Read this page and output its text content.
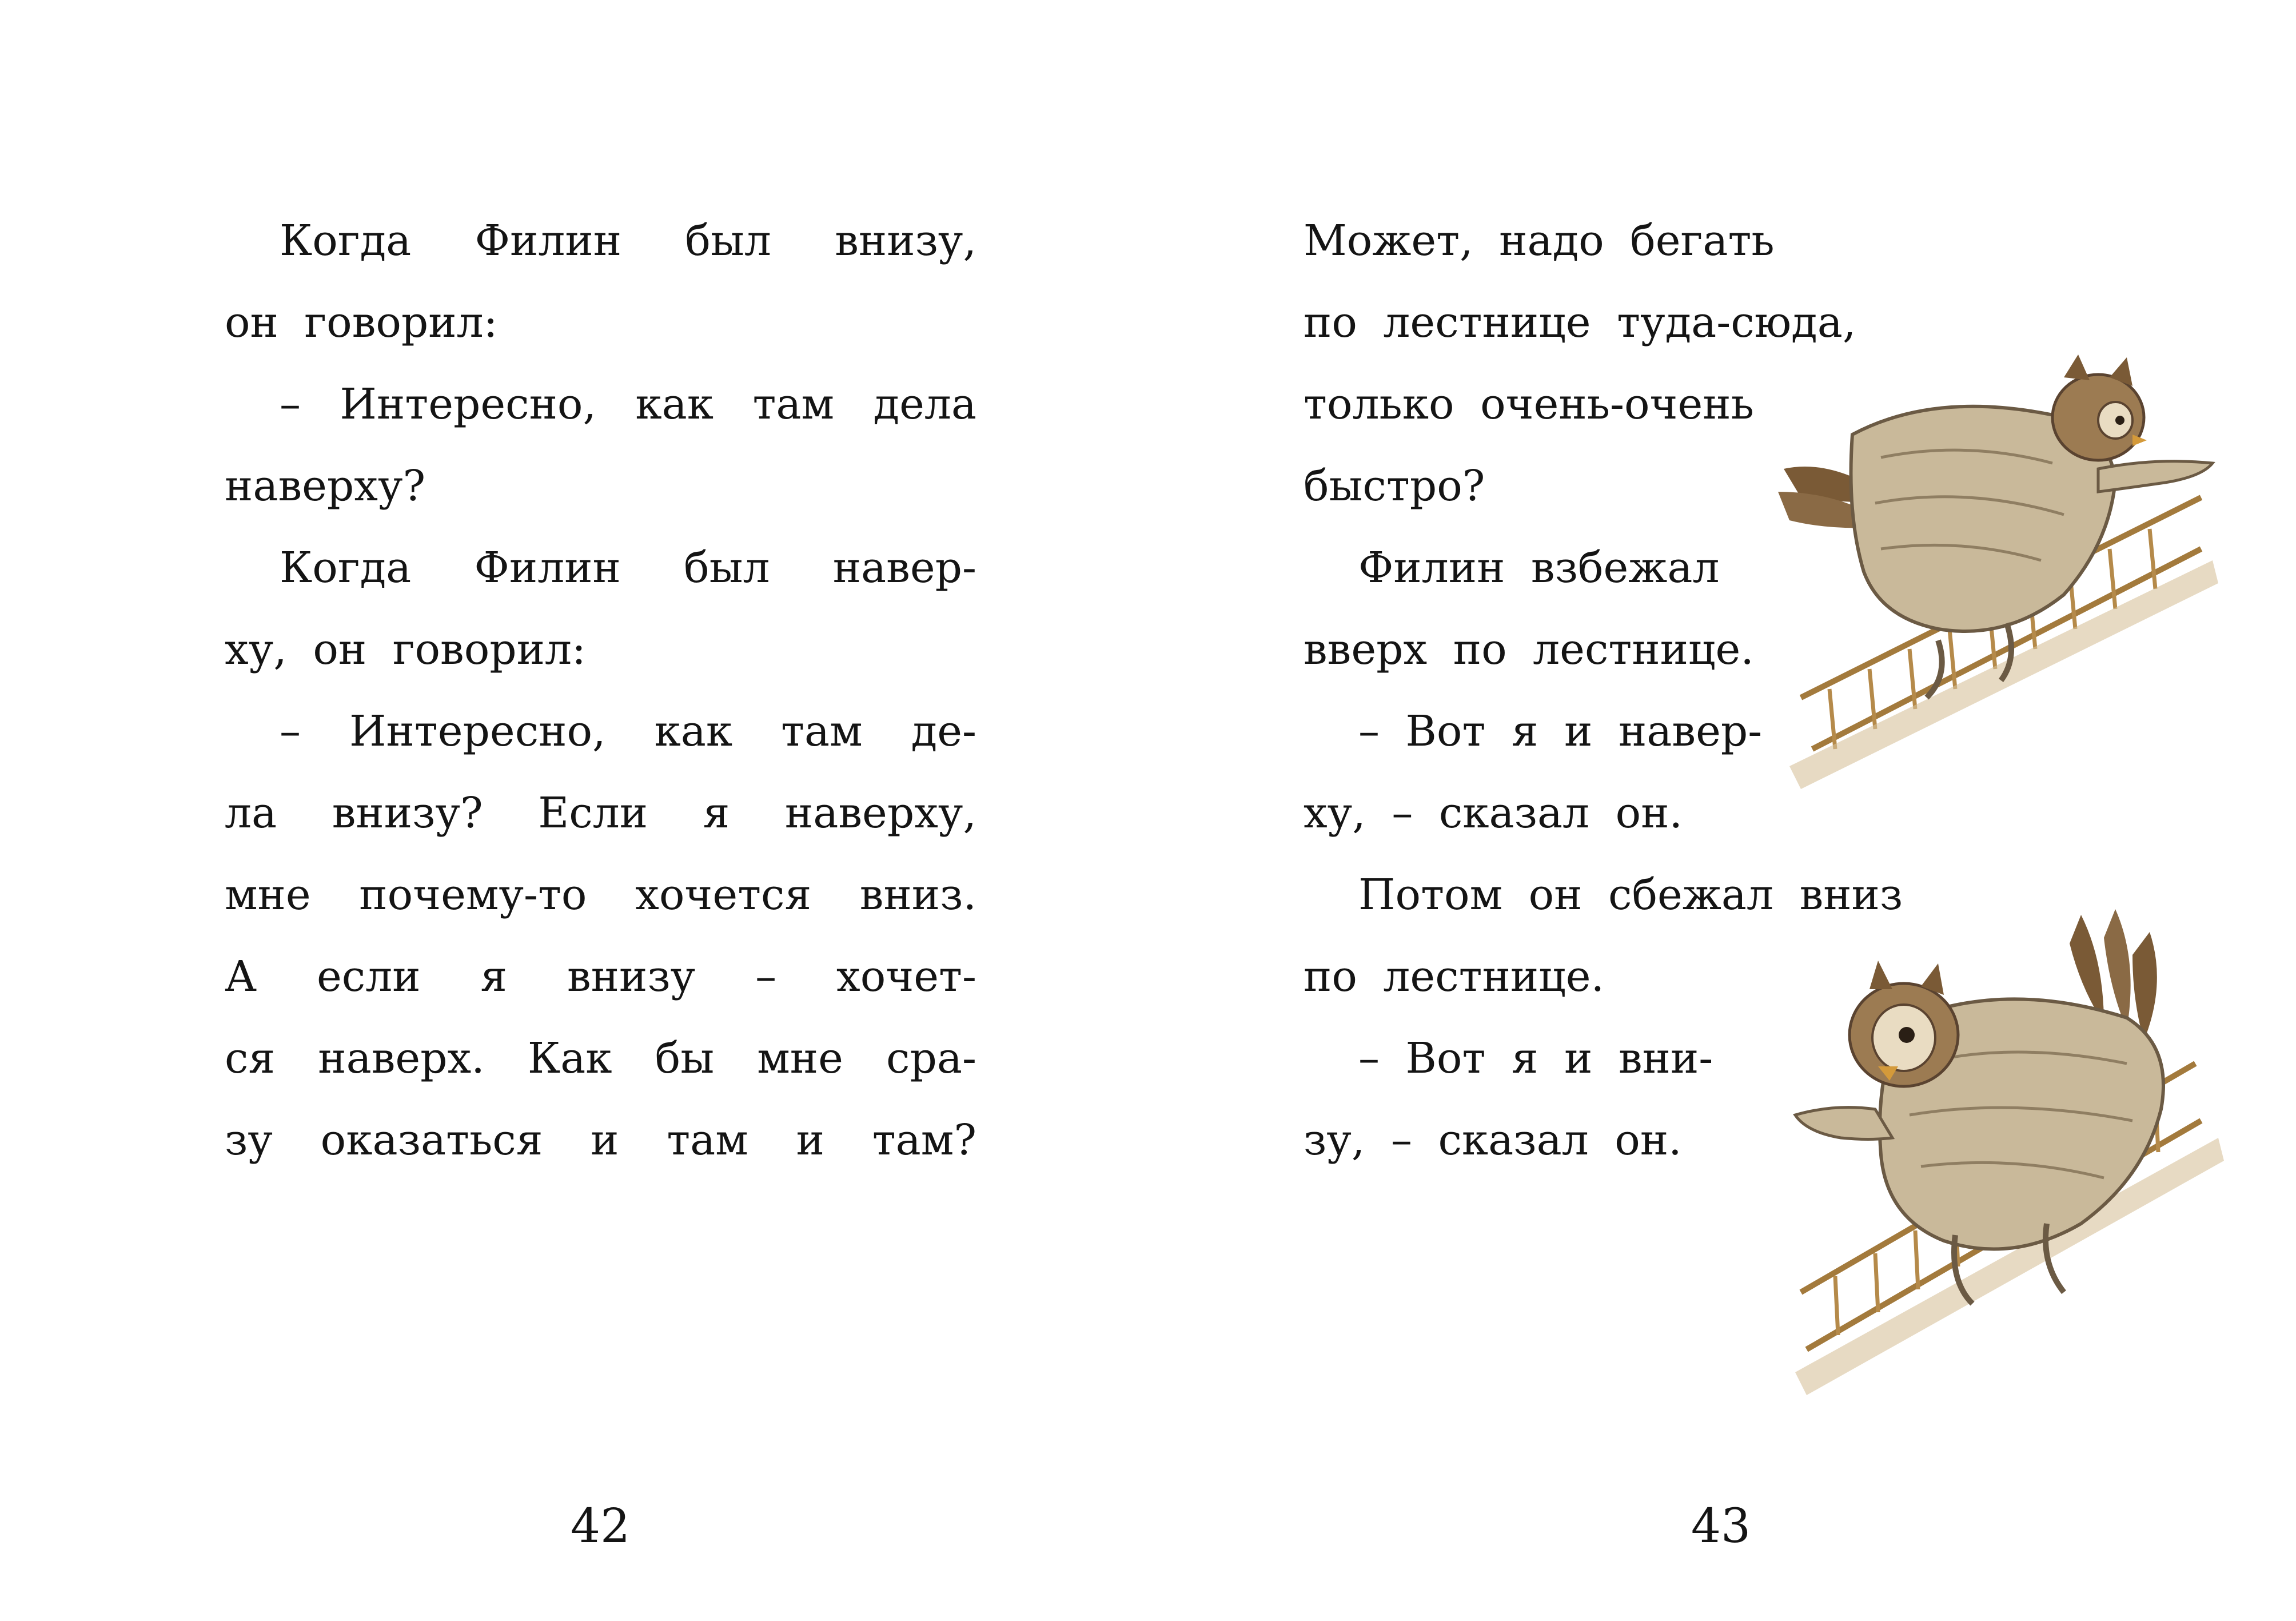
Когда Филин был внизу,
он говорил:
– Интересно, как там дела
наверху?
Когда Филин был навер-
ху, он говорил:
– Интересно, как там де-
ла внизу? Если я наверху,
мне почему-то хочется вниз.
А если я внизу – хочет-
ся наверх. Как бы мне сра-
зу оказаться и там и там?
42
Может, надо бегать
по лестнице туда-сюда,
только очень-очень
быстро?
Филин взбежал
вверх по лестнице.
– Вот я и навер-
ху, – сказал он.
Потом он сбежал вниз
по лестнице.
– Вот я и вни-
зу, – сказал он.
43
